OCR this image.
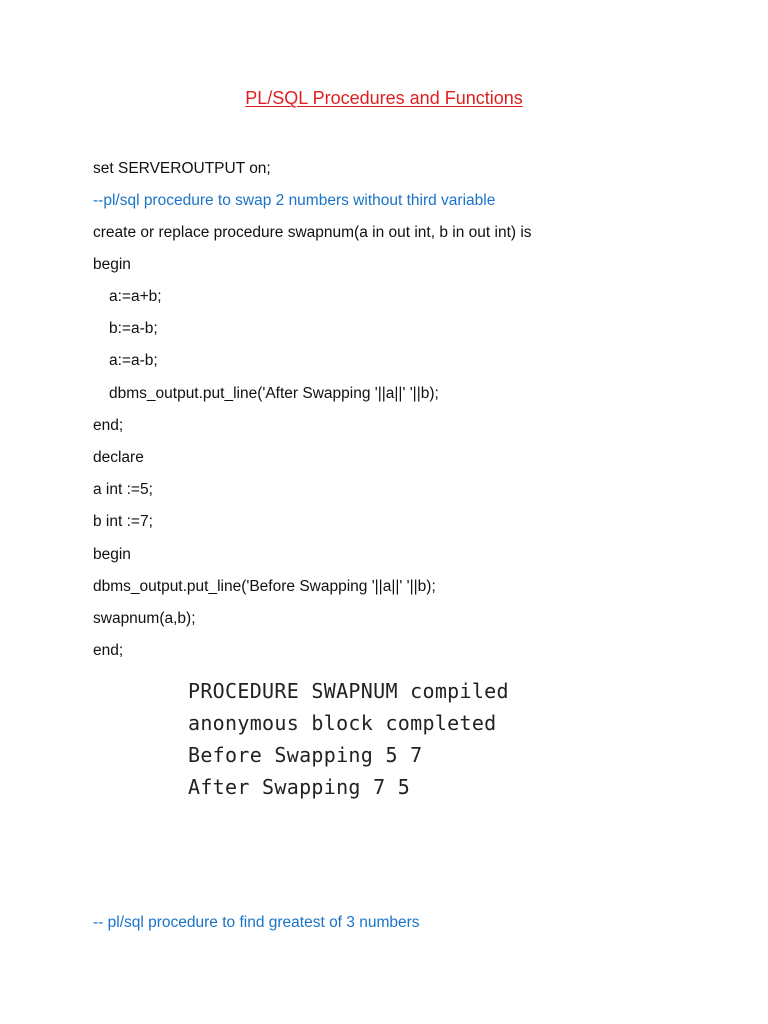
PL/SQL Procedures and Functions
set SERVEROUTPUT on;
--pl/sql procedure to swap 2 numbers without third variable
create or replace procedure swapnum(a in out int, b in out int) is
begin
a:=a+b;
b:=a-b;
a:=a-b;
dbms_output.put_line('After Swapping '||a||' '||b);
end;
declare
a int :=5;
b int :=7;
begin
dbms_output.put_line('Before Swapping '||a||' '||b);
swapnum(a,b);
end;
PROCEDURE SWAPNUM compiled
anonymous block completed
Before Swapping 5 7
After Swapping 7 5
-- pl/sql procedure to find greatest of 3 numbers
